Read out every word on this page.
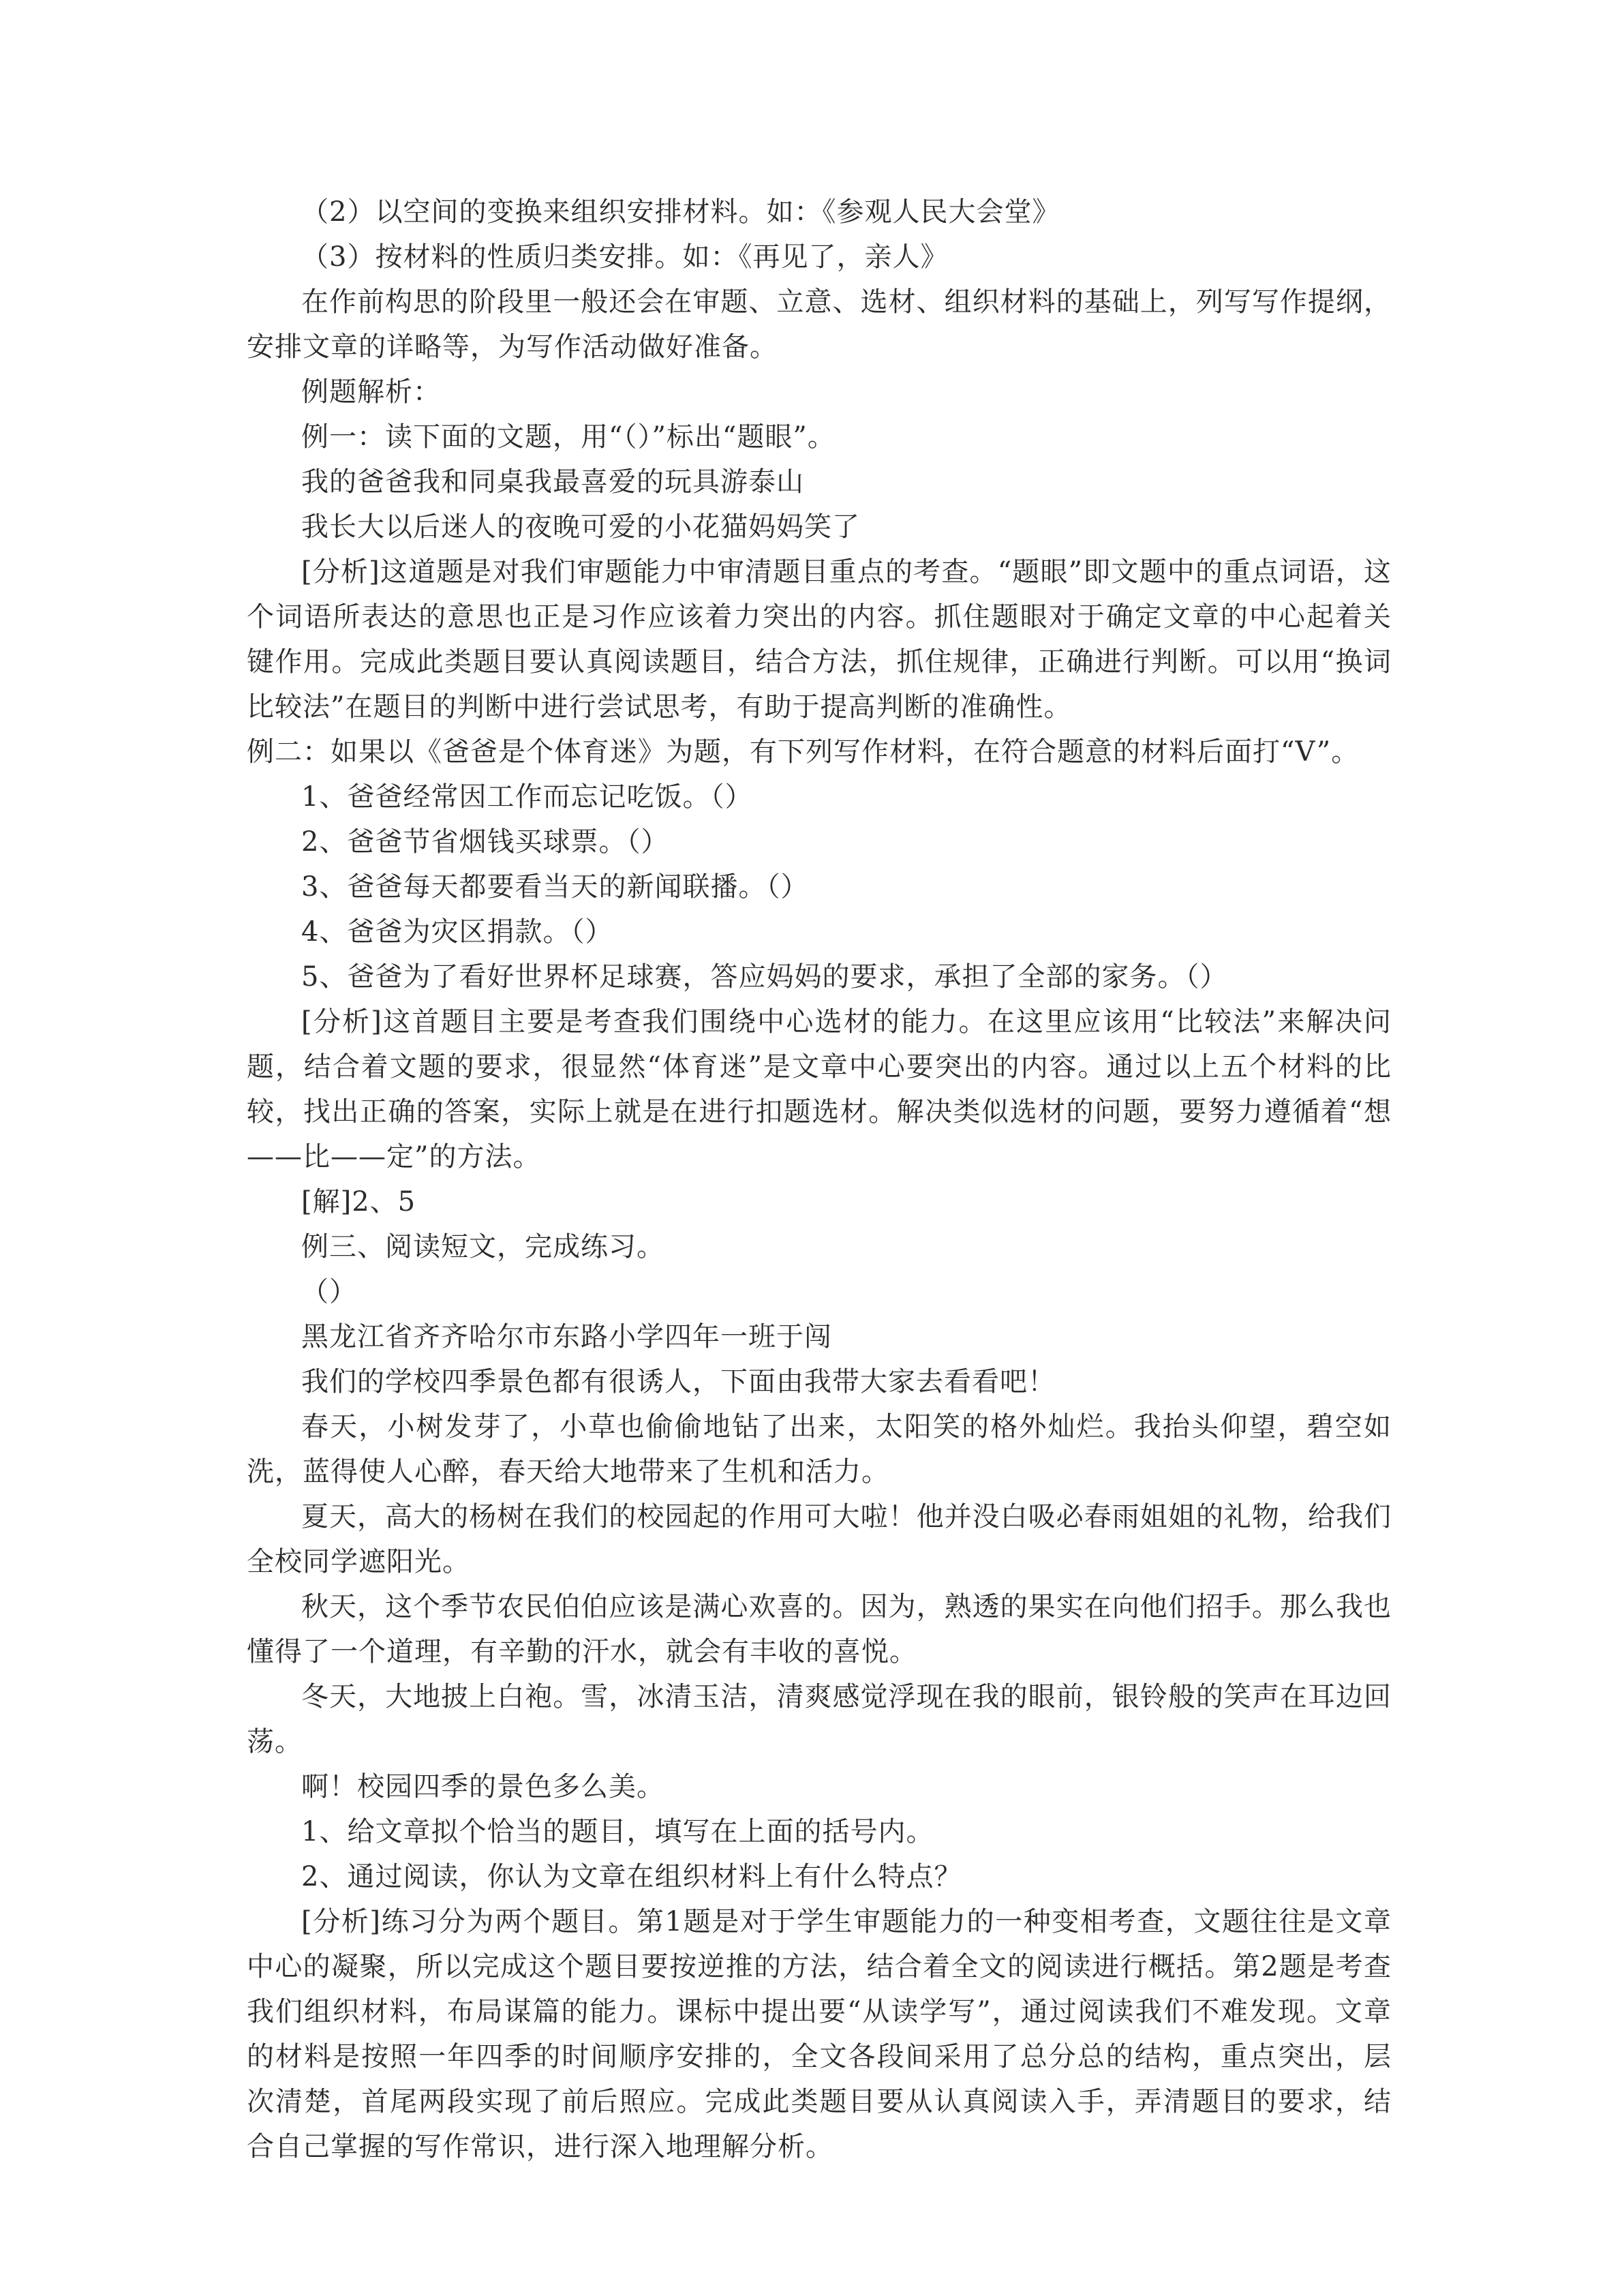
（2）以空间的变换来组织安排材料。如：《参观人民大会堂》

（3）按材料的性质归类安排。如：《再见了，亲人》

在作前构思的阶段里一般还会在审题、立意、选材、组织材料的基础上，列写写作提纲，安排文章的详略等，为写作活动做好准备。

例题解析：

例一：读下面的文题，用“（）”标出“题眼”。

我的爸爸我和同桌我最喜爱的玩具游泰山

我长大以后迷人的夜晚可爱的小花猫妈妈笑了

[分析]这道题是对我们审题能力中审清题目重点的考查。“题眼”即文题中的重点词语，这个词语所表达的意思也正是习作应该着力突出的内容。抓住题眼对于确定文章的中心起着关键作用。完成此类题目要认真阅读题目，结合方法，抓住规律，正确进行判断。可以用“换词比较法”在题目的判断中进行尝试思考，有助于提高判断的准确性。

例二：如果以《爸爸是个体育迷》为题，有下列写作材料，在符合题意的材料后面打“V”。

1、爸爸经常因工作而忘记吃饭。（）

2、爸爸节省烟钱买球票。（）

3、爸爸每天都要看当天的新闻联播。（）

4、爸爸为灾区捐款。（）

5、爸爸为了看好世界杯足球赛，答应妈妈的要求，承担了全部的家务。（）

[分析]这首题目主要是考查我们围绕中心选材的能力。在这里应该用“比较法”来解决问题，结合着文题的要求，很显然“体育迷”是文章中心要突出的内容。通过以上五个材料的比较，找出正确的答案，实际上就是在进行扣题选材。解决类似选材的问题，要努力遵循着“想——比——定”的方法。

[解]2、5

例三、阅读短文，完成练习。

（）

黑龙江省齐齐哈尔市东路小学四年一班于闯

我们的学校四季景色都有很诱人，下面由我带大家去看看吧！

春天，小树发芽了，小草也偷偷地钻了出来，太阳笑的格外灿烂。我抬头仰望，碧空如洗，蓝得使人心醉，春天给大地带来了生机和活力。

夏天，高大的杨树在我们的校园起的作用可大啦！他并没白吸必春雨姐姐的礼物，给我们全校同学遮阳光。

秋天，这个季节农民伯伯应该是满心欢喜的。因为，熟透的果实在向他们招手。那么我也懂得了一个道理，有辛勤的汗水，就会有丰收的喜悦。

冬天，大地披上白袍。雪，冰清玉洁，清爽感觉浮现在我的眼前，银铃般的笑声在耳边回荡。

啊！校园四季的景色多么美。

1、给文章拟个恰当的题目，填写在上面的括号内。

2、通过阅读，你认为文章在组织材料上有什么特点？

[分析]练习分为两个题目。第1题是对于学生审题能力的一种变相考查，文题往往是文章中心的凝聚，所以完成这个题目要按逆推的方法，结合着全文的阅读进行概括。第2题是考查我们组织材料，布局谋篇的能力。课标中提出要“从读学写”，通过阅读我们不难发现。文章的材料是按照一年四季的时间顺序安排的，全文各段间采用了总分总的结构，重点突出，层次清楚，首尾两段实现了前后照应。完成此类题目要从认真阅读入手，弄清题目的要求，结合自己掌握的写作常识，进行深入地理解分析。
